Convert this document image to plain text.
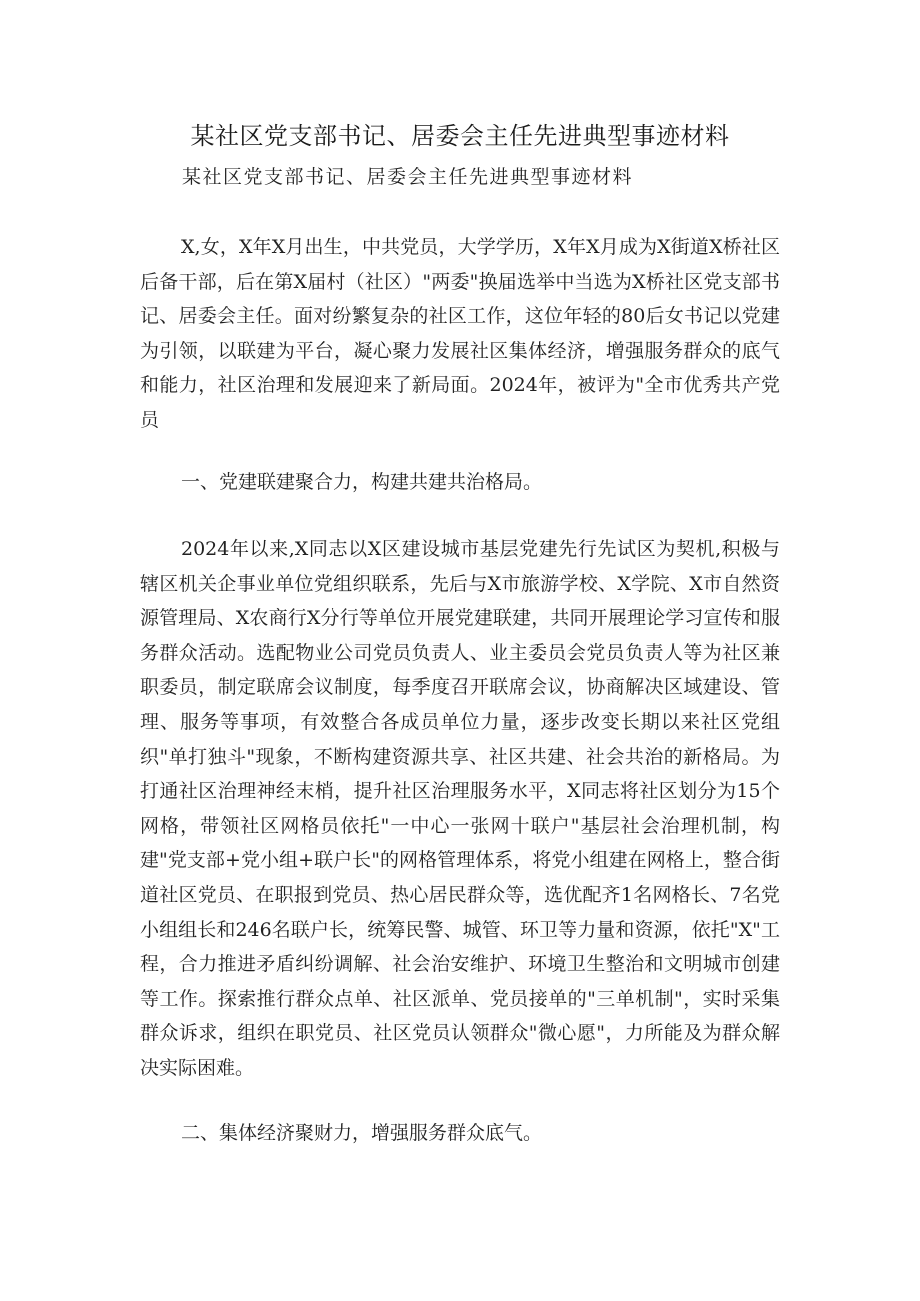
某社区党支部书记、居委会主任先进典型事迹材料

某社区党支部书记、居委会主任先进典型事迹材料

X,女，X年X月出生，中共党员，大学学历，X年X月成为X街道X桥社区后备干部，后在第X届村（社区）"两委"换届选举中当选为X桥社区党支部书记、居委会主任。面对纷繁复杂的社区工作，这位年轻的80后女书记以党建为引领，以联建为平台，凝心聚力发展社区集体经济，增强服务群众的底气和能力，社区治理和发展迎来了新局面。2024年，被评为"全市优秀共产党员

一、党建联建聚合力，构建共建共治格局。

2024年以来,X同志以X区建设城市基层党建先行先试区为契机,积极与辖区机关企事业单位党组织联系，先后与X市旅游学校、X学院、X市自然资源管理局、X农商行X分行等单位开展党建联建，共同开展理论学习宣传和服务群众活动。选配物业公司党员负责人、业主委员会党员负责人等为社区兼职委员，制定联席会议制度，每季度召开联席会议，协商解决区域建设、管理、服务等事项，有效整合各成员单位力量，逐步改变长期以来社区党组织"单打独斗"现象，不断构建资源共享、社区共建、社会共治的新格局。为打通社区治理神经末梢，提升社区治理服务水平，X同志将社区划分为15个网格，带领社区网格员依托"一中心一张网十联户"基层社会治理机制，构建"党支部+党小组+联户长"的网格管理体系，将党小组建在网格上，整合街道社区党员、在职报到党员、热心居民群众等，选优配齐1名网格长、7名党小组组长和246名联户长，统筹民警、城管、环卫等力量和资源，依托"X"工程，合力推进矛盾纠纷调解、社会治安维护、环境卫生整治和文明城市创建等工作。探索推行群众点单、社区派单、党员接单的"三单机制"，实时采集群众诉求，组织在职党员、社区党员认领群众"微心愿"，力所能及为群众解决实际困难。

二、集体经济聚财力，增强服务群众底气。
